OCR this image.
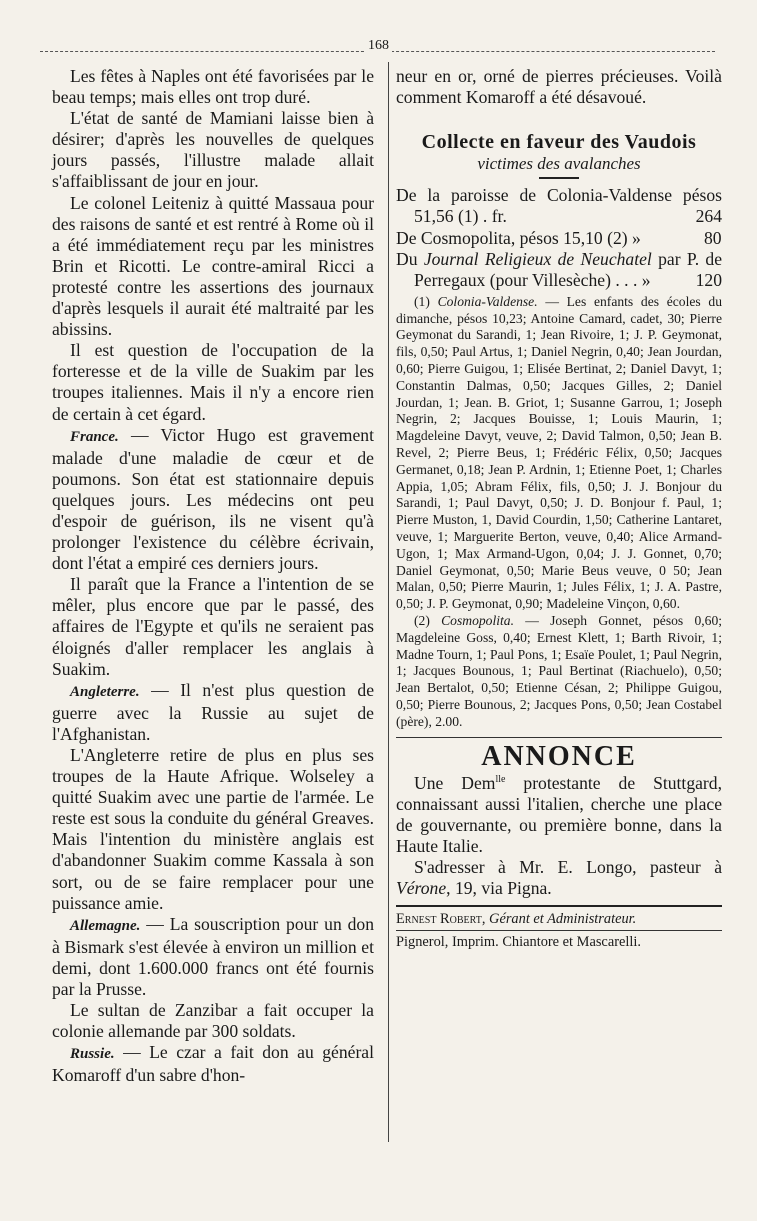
168

Les fêtes à Naples ont été favorisées par le beau temps; mais elles ont trop duré.

L'état de santé de Mamiani laisse bien à désirer; d'après les nouvelles de quelques jours passés, l'illustre malade allait s'affaiblissant de jour en jour.

Le colonel Leiteniz à quitté Massaua pour des raisons de santé et est rentré à Rome où il a été immédiatement reçu par les ministres Brin et Ricotti. Le contre-amiral Ricci a protesté contre les assertions des journaux d'après lesquels il aurait été maltraité par les abissins.

Il est question de l'occupation de la forteresse et de la ville de Suakim par les troupes italiennes. Mais il n'y a encore rien de certain à cet égard.

France. — Victor Hugo est gravement malade d'une maladie de cœur et de poumons. Son état est stationnaire depuis quelques jours. Les médecins ont peu d'espoir de guérison, ils ne visent qu'à prolonger l'existence du célèbre écrivain, dont l'état a empiré ces derniers jours.

Il paraît que la France a l'intention de se mêler, plus encore que par le passé, des affaires de l'Egypte et qu'ils ne seraient pas éloignés d'aller remplacer les anglais à Suakim.

Angleterre. — Il n'est plus question de guerre avec la Russie au sujet de l'Afghanistan.

L'Angleterre retire de plus en plus ses troupes de la Haute Afrique. Wolseley a quitté Suakim avec une partie de l'armée. Le reste est sous la conduite du général Greaves. Mais l'intention du ministère anglais est d'abandonner Suakim comme Kassala à son sort, ou de se faire remplacer pour une puissance amie.

Allemagne. — La souscription pour un don à Bismark s'est élevée à environ un million et demi, dont 1.600.000 francs ont été fournis par la Prusse.

Le sultan de Zanzibar a fait occuper la colonie allemande par 300 soldats.

Russie. — Le czar a fait don au général Komaroff d'un sabre d'hon-

neur en or, orné de pierres précieuses. Voilà comment Komaroff a été désavoué.

Collecte en faveur des Vaudois
victimes des avalanches

De la paroisse de Colonia-Valdense pésos 51,56 (1) . fr.	264

De Cosmopolita, pésos 15,10 (2) »	80

Du Journal Religieux de Neuchatel par P. de Perregaux (pour Villesèche) . . . »	120

(1) Colonia-Valdense. — Les enfants des écoles du dimanche, pésos 10,23; Antoine Camard, cadet, 30; Pierre Geymonat du Sarandi, 1; Jean Rivoire, 1; J. P. Geymonat, fils, 0,50; Paul Artus, 1; Daniel Negrin, 0,40; Jean Jourdan, 0,60; Pierre Guigou, 1; Elisée Bertinat, 2; Daniel Davyt, 1; Constantin Dalmas, 0,50; Jacques Gilles, 2; Daniel Jourdan, 1; Jean. B. Griot, 1; Susanne Garrou, 1; Joseph Negrin, 2; Jacques Bouisse, 1; Louis Maurin, 1; Magdeleine Davyt, veuve, 2; David Talmon, 0,50; Jean B. Revel, 2; Pierre Beus, 1; Frédéric Félix, 0,50; Jacques Germanet, 0,18; Jean P. Ardnin, 1; Etienne Poet, 1; Charles Appia, 1,05; Abram Félix, fils, 0,50; J. J. Bonjour du Sarandi, 1; Paul Davyt, 0,50; J. D. Bonjour f. Paul, 1; Pierre Muston, 1, David Courdin, 1,50; Catherine Lantaret, veuve, 1; Marguerite Berton, veuve, 0,40; Alice Armand-Ugon, 1; Max Armand-Ugon, 0,04; J. J. Gonnet, 0,70; Daniel Geymonat, 0,50; Marie Beus veuve, 0 50; Jean Malan, 0,50; Pierre Maurin, 1; Jules Félix, 1; J. A. Pastre, 0,50; J. P. Geymonat, 0,90; Madeleine Vinçon, 0,60.

(2) Cosmopolita. — Joseph Gonnet, pésos 0,60; Magdeleine Goss, 0,40; Ernest Klett, 1; Barth Rivoir, 1; Madne Tourn, 1; Paul Pons, 1; Esaïe Poulet, 1; Paul Negrin, 1; Jacques Bounous, 1; Paul Bertinat (Riachuelo), 0,50; Jean Bertalot, 0,50; Etienne Césan, 2; Philippe Guigou, 0,50; Pierre Bounous, 2; Jacques Pons, 0,50; Jean Costabel (père), 2.00.

ANNONCE

Une Dem$^{lle}$ protestante de Stuttgard, connaissant aussi l'italien, cherche une place de gouvernante, ou première bonne, dans la Haute Italie.

S'adresser à Mr. E. Longo, pasteur à Vérone, 19, via Pigna.

Ernest Robert, Gérant et Administrateur.

Pignerol, Imprim. Chiantore et Mascarelli.
